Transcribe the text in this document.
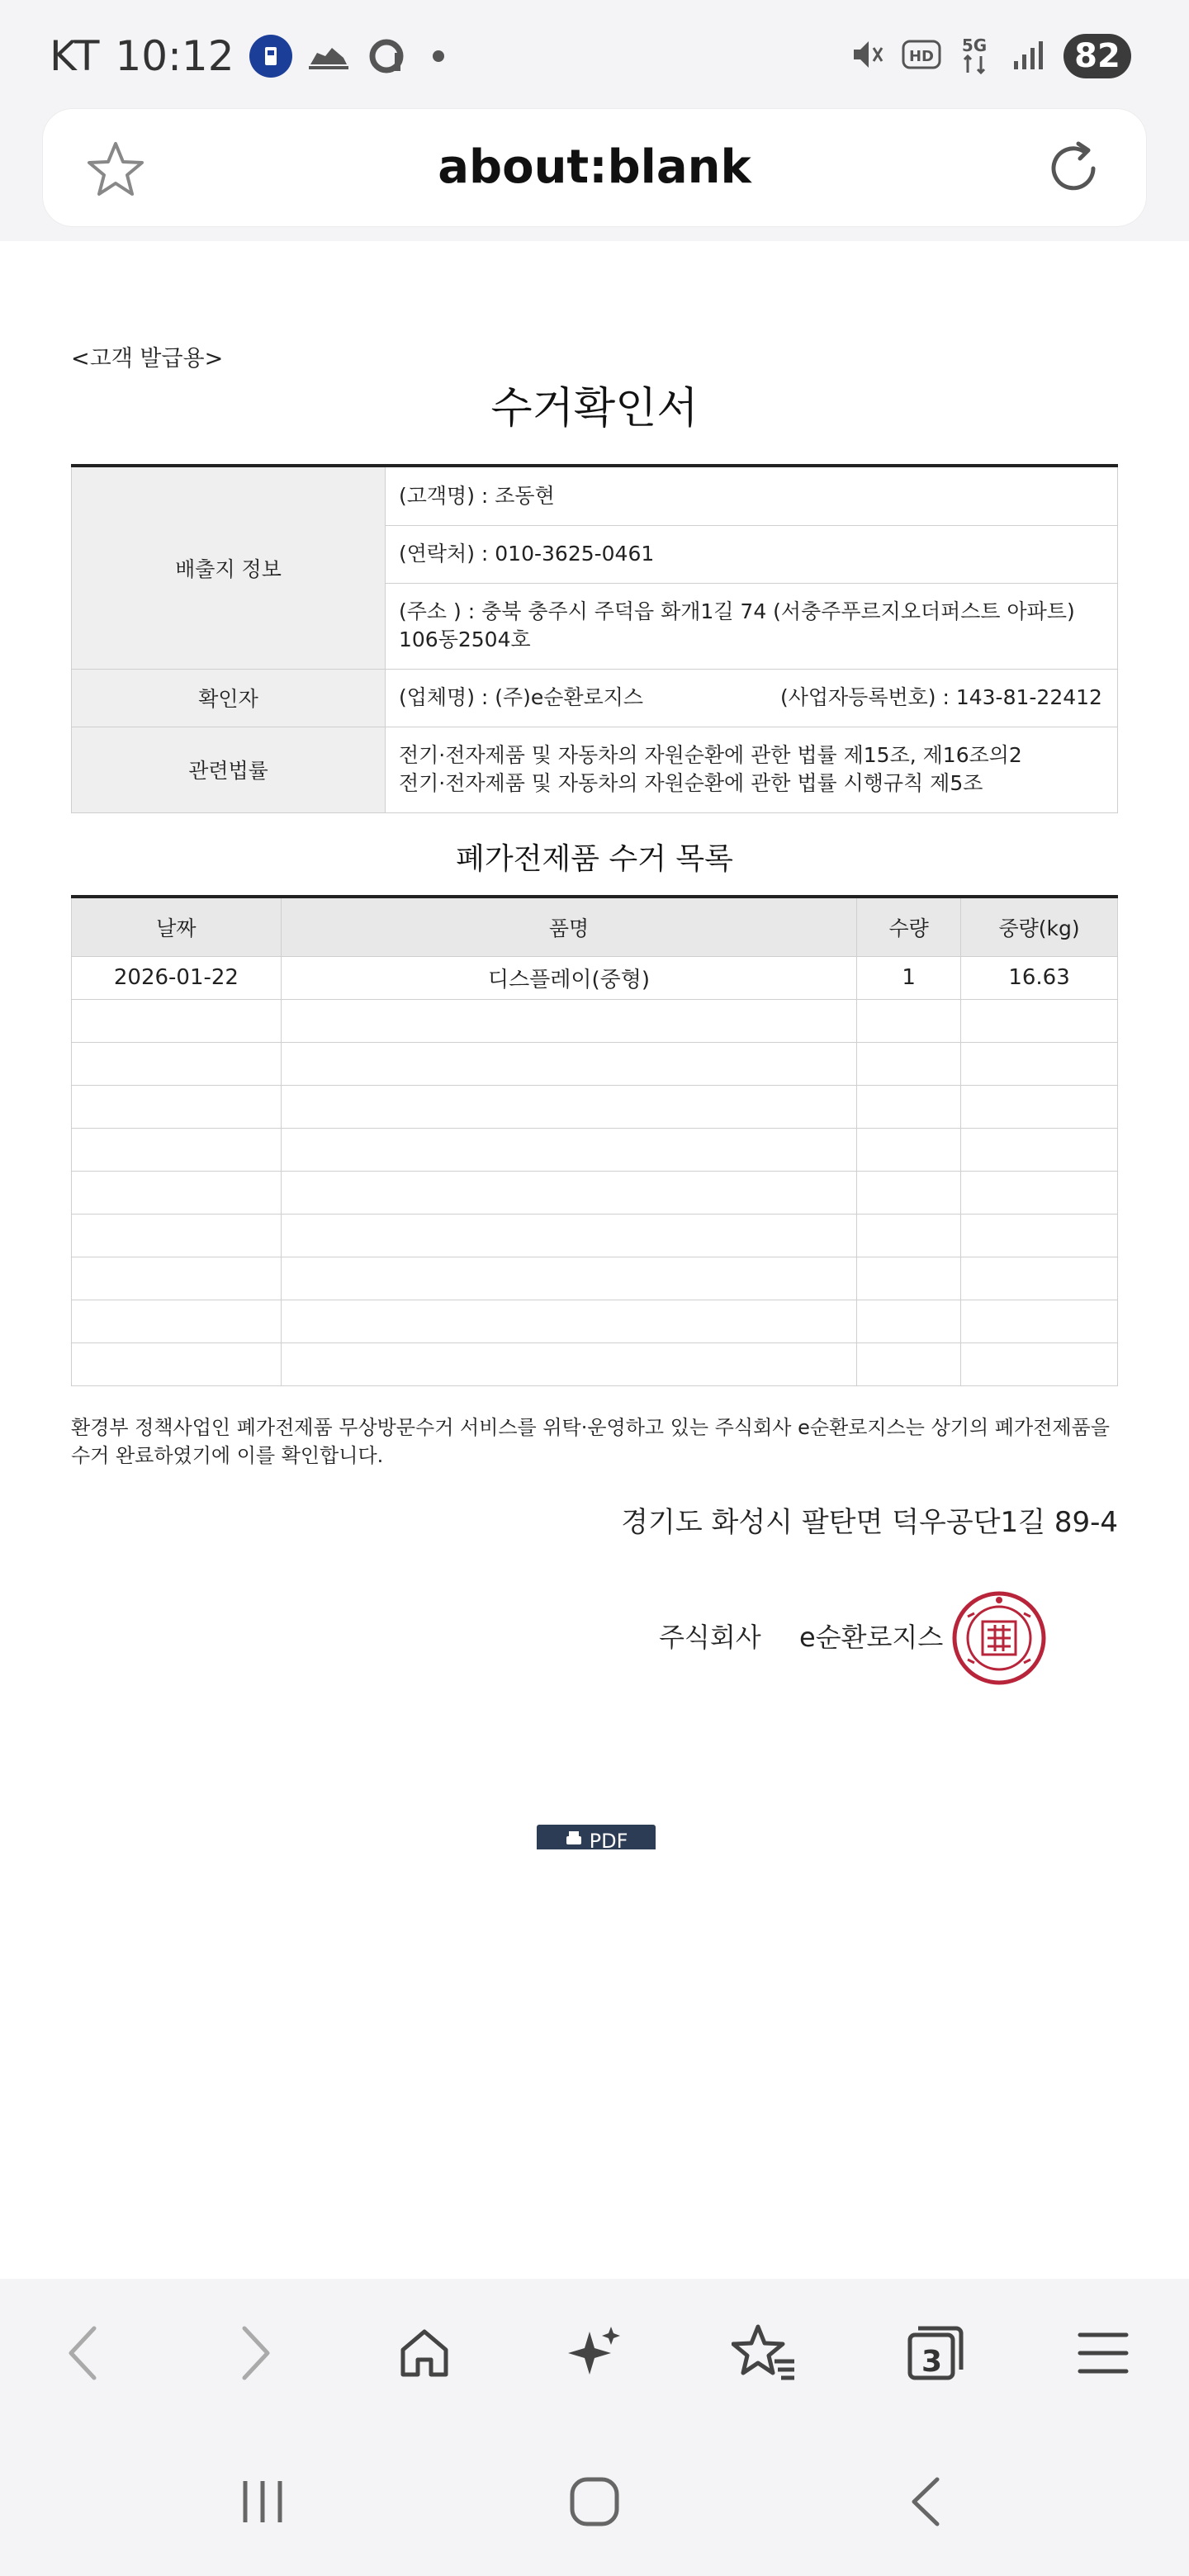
KT 10:12	HD
5G	82
about:blank
<고객 발급용>
수거확인서
배출지 정보	(고객명) : 조동현
	(연락처) : 010-3625-0461

	(주소 ) : 충북 충주시 주덕읍 화개1길 74 (서충주푸르지오더퍼스트 아파트)
106동2504호

확인자	(업체명) : (주)e순환로지스 (사업자등록번호) : 143-81-22412
관련법률	전기·전자제품 및 자동차의 자원순환에 관한 법률 제15조, 제16조의2
전기·전자제품 및 자동차의 자원순환에 관한 법률 시행규칙 제5조
폐가전제품 수거 목록
날짜	품명	수량	중량(kg)
2026-01-22	디스플레이(중형)	1	16.63

환경부 정책사업인 폐가전제품 무상방문수거 서비스를 위탁·운영하고 있는 주식회사 e순환로지스는 상기의 폐가전제품을
수거 완료하였기에 이를 확인합니다.
경기도 화성시 팔탄면 덕우공단1길 89-4
주식회사 e순환로지스
PDF
3
